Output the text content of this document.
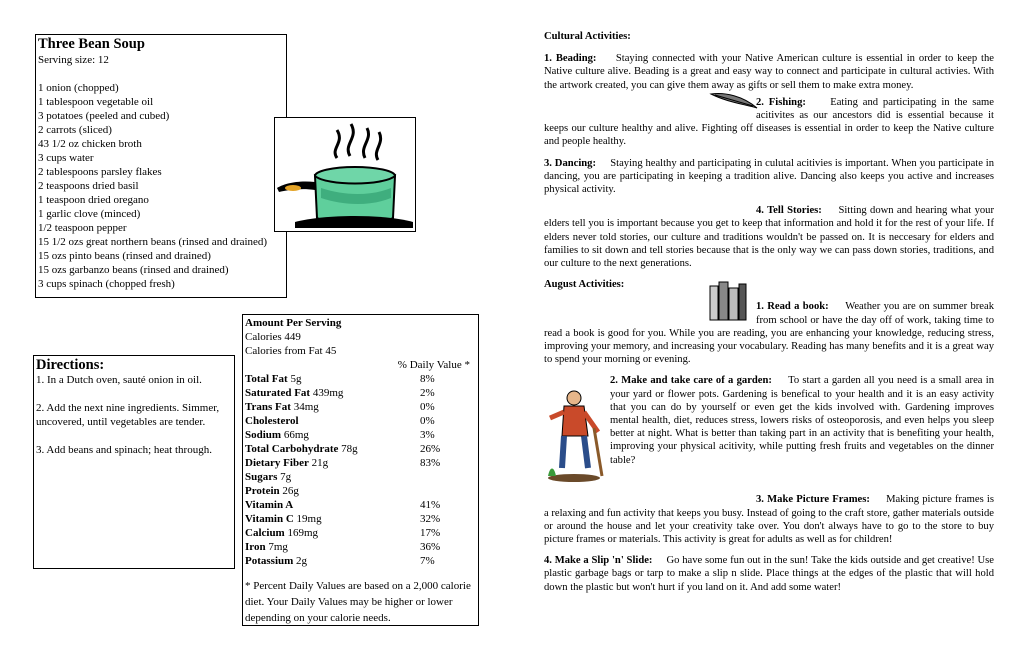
Three Bean Soup
Serving size: 12
1 onion (chopped)
1 tablespoon vegetable oil
3 potatoes (peeled and cubed)
2 carrots (sliced)
43 1/2 oz chicken broth
3 cups water
2 tablespoons parsley flakes
2 teaspoons dried basil
1 teaspoon dried oregano
1 garlic clove (minced)
1/2 teaspoon pepper
15 1/2 ozs great northern beans (rinsed and drained)
15 ozs pinto beans (rinsed and drained)
15 ozs garbanzo beans (rinsed and drained)
3 cups spinach (chopped fresh)
Directions:

1. In a Dutch oven, sauté onion in oil.

2. Add the next nine ingredients. Simmer, uncovered, until vegetables are tender.

3. Add beans and spinach; heat through.

Amount Per Serving
Calories 449
Calories from Fat 45
% Daily Value *
Total Fat 5g	8%
Saturated Fat 439mg	2%
Trans Fat 34mg	0%
Cholesterol	0%
Sodium 66mg	3%
Total Carbohydrate 78g	26%
Dietary Fiber 21g	83%
Sugars 7g
Protein 26g
Vitamin A	41%
Vitamin C 19mg	32%
Calcium 169mg	17%
Iron 7mg	36%
Potassium 2g	7%
* Percent Daily Values are based on a 2,000 calorie diet. Your Daily Values may be higher or lower depending on your calorie needs.
Cultural Activities:

1. Beading: Staying connected with your Native American culture is essential in order to keep the Native culture alive. Beading is a great and easy way to connect and participate in cultural activies. With the artwork created, you can give them away as gifts or sell them to make extra money.

2. Fishing: Eating and participating in the same acitivites as our ancestors did is essential because it keeps our culture healthy and alive. Fighting off diseases is essential in order to keep the Native culture and people healthy.

3. Dancing: Staying healthy and participating in culutal acitivies is important. When you participate in dancing, you are participating in keeping a tradition alive. Dancing also keeps you active and increases physical activity.

4. Tell Stories: Sitting down and hearing what your elders tell you is important because you get to keep that information and hold it for the rest of your life. If elders never told stories, our culture and traditions wouldn't be passed on. It is neccesary for elders and families to sit down and tell stories because that is the only way we can pass down stories, traditions, and our culture to the next generations.

August Activities:

1. Read a book: Weather you are on summer break from school or have the day off of work, taking time to read a book is good for you. While you are reading, you are enhancing your knowledge, reducing stress, improving your memory, and increasing your vocabulary. Reading has many benefits and it is a great way to spend your morning or evening.

2. Make and take care of a garden: To start a garden all you need is a small area in your yard or flower pots. Gardening is benefical to your health and it is an easy activity that you can do by yourself or even get the kids involved with. Gardening improves mental health, diet, reduces stress, lowers risks of osteoporosis, and even helps you sleep better at night. What is better than taking part in an activity that is benefiting your health, improving your physical acitivity, while putting fresh fruits and vegetables on the dinner table?

3. Make Picture Frames: Making picture frames is a relaxing and fun activity that keeps you busy. Instead of going to the craft store, gather materials outside or around the house and let your creativity take over. You don't always have to go to the store to buy picture frames or materials. This activity is great for adults as well as for children!

4. Make a Slip 'n' Slide: Go have some fun out in the sun! Take the kids outside and get creative! Use plastic garbage bags or tarp to make a slip n slide. Place things at the edges of the plastic that will hold down the plastic but won't hurt if you land on it. And add some water!
